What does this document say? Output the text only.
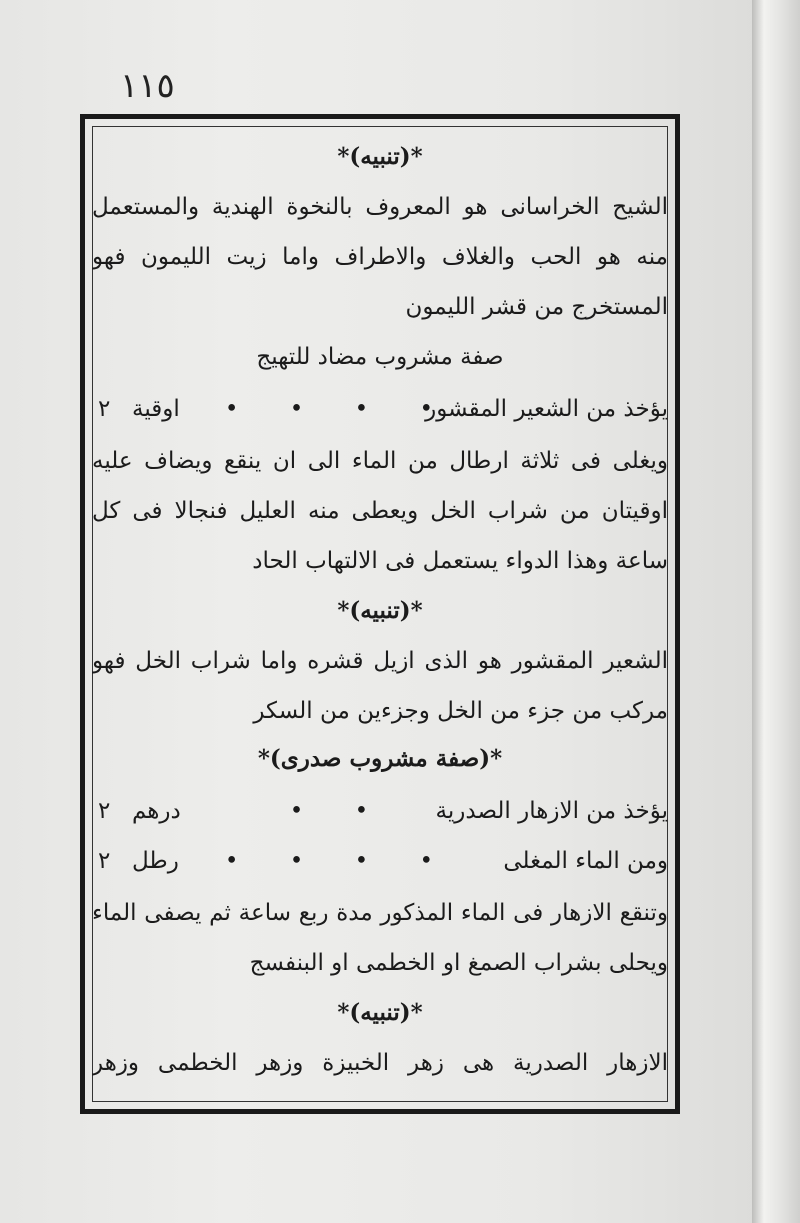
١١٥
*(تنبيه)*
الشيح الخراسانى هو المعروف بالنخوة الهندية والمستعمل
منه هو الحب والغلاف والاطراف واما زيت الليمون فهو
المستخرج من قشر الليمون
صفة مشروب مضاد للتهيج
يؤخذ من الشعير المقشور
• • • •
اوقية
٢
ويغلى فى ثلاثة ارطال من الماء الى ان ينقع ويضاف عليه
اوقيتان من شراب الخل ويعطى منه العليل فنجالا فى كل
ساعة وهذا الدواء يستعمل فى الالتهاب الحاد
*(تنبيه)*
الشعير المقشور هو الذى ازيل قشره واما شراب الخل فهو
مركب من جزء من الخل وجزءين من السكر
*(صفة مشروب صدرى)*
يؤخذ من الازهار الصدرية
• •
درهم
٢
ومن الماء المغلى
• • • •
رطل
٢
وتنقع الازهار فى الماء المذكور مدة ربع ساعة ثم يصفى الماء
ويحلى بشراب الصمغ او الخطمى او البنفسج
*(تنبيه)*
الازهار الصدرية هى زهر الخبيزة وزهر الخطمى وزهر
